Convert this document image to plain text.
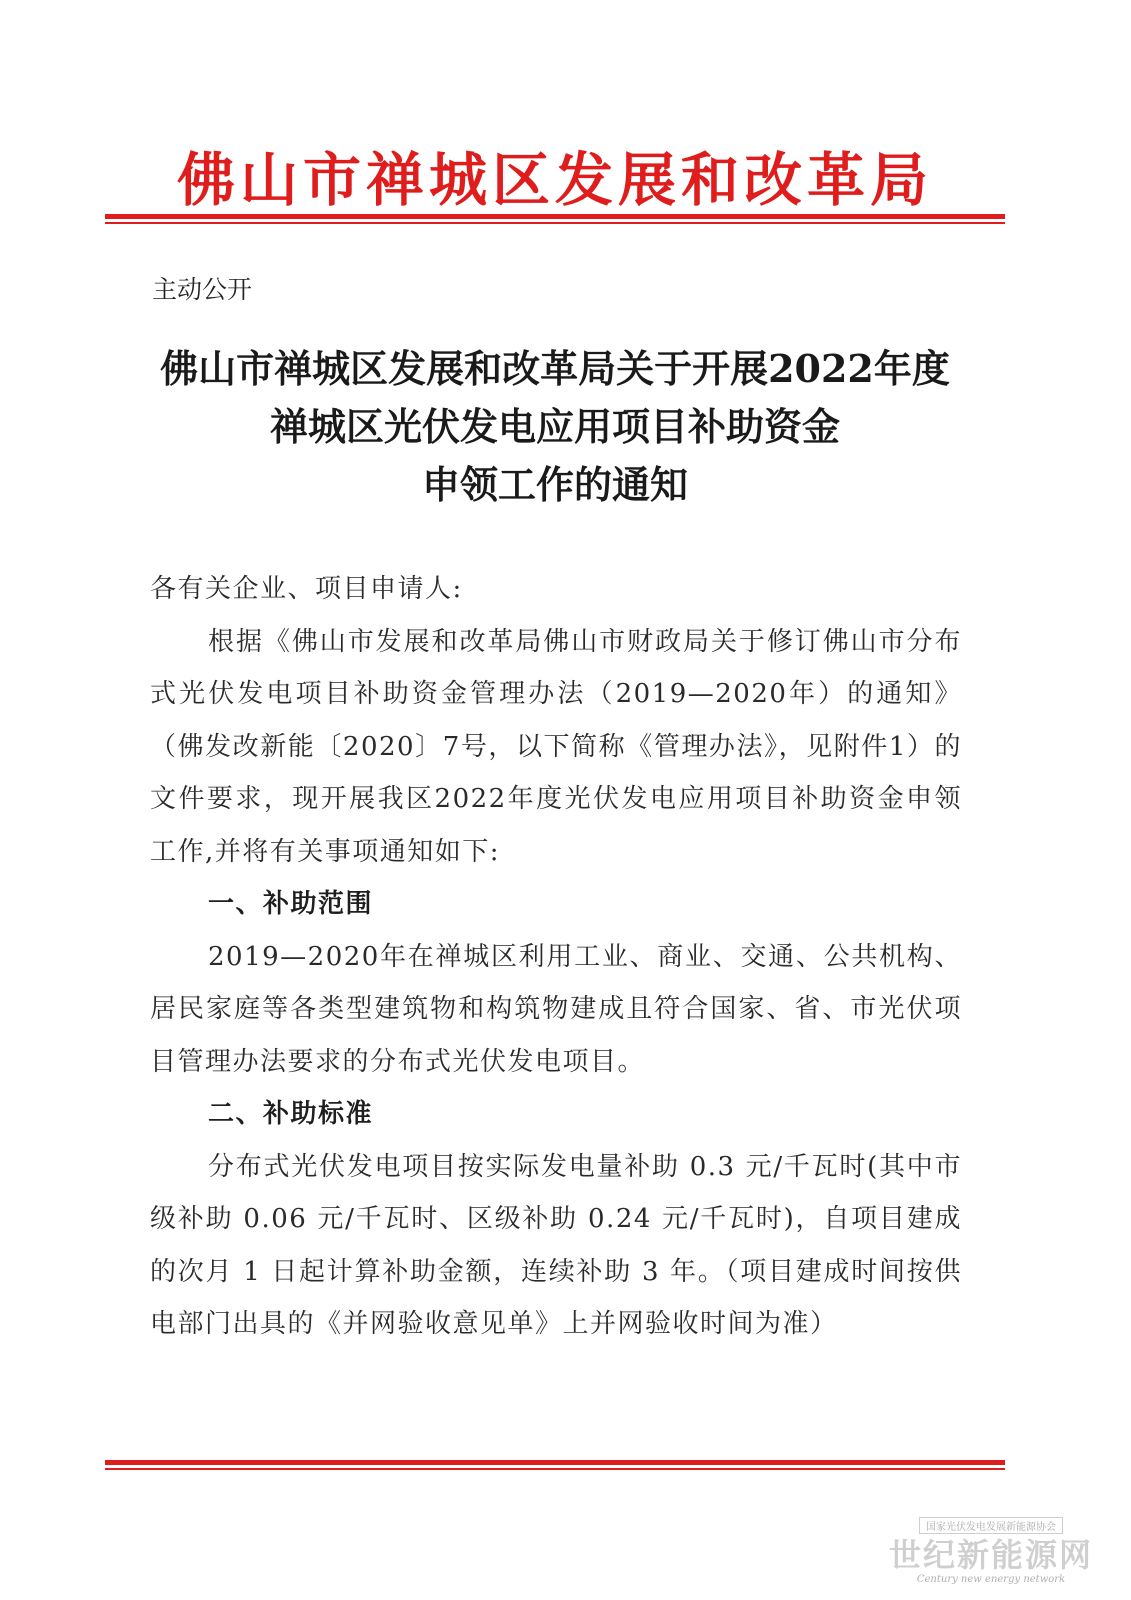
佛山市禅城区发展和改革局
主动公开
佛山市禅城区发展和改革局关于开展2022年度
禅城区光伏发电应用项目补助资金
申领工作的通知

各有关企业、项目申请人:

根据《佛山市发展和改革局佛山市财政局关于修订佛山市分布式光伏发电项目补助资金管理办法（2019—2020年）的通知》（佛发改新能〔2020〕7号，以下简称《管理办法》，见附件1）的文件要求，现开展我区2022年度光伏发电应用项目补助资金申领工作,并将有关事项通知如下:

一、补助范围

2019—2020年在禅城区利用工业、商业、交通、公共机构、居民家庭等各类型建筑物和构筑物建成且符合国家、省、市光伏项目管理办法要求的分布式光伏发电项目。

二、补助标准

分布式光伏发电项目按实际发电量补助 0.3 元/千瓦时(其中市级补助 0.06 元/千瓦时、区级补助 0.24 元/千瓦时)，自项目建成的次月 1 日起计算补助金额，连续补助 3 年。（项目建成时间按供电部门出具的《并网验收意见单》上并网验收时间为准）

国家光伏发电发展新能源协会
世纪新能源网
Century new energy network
